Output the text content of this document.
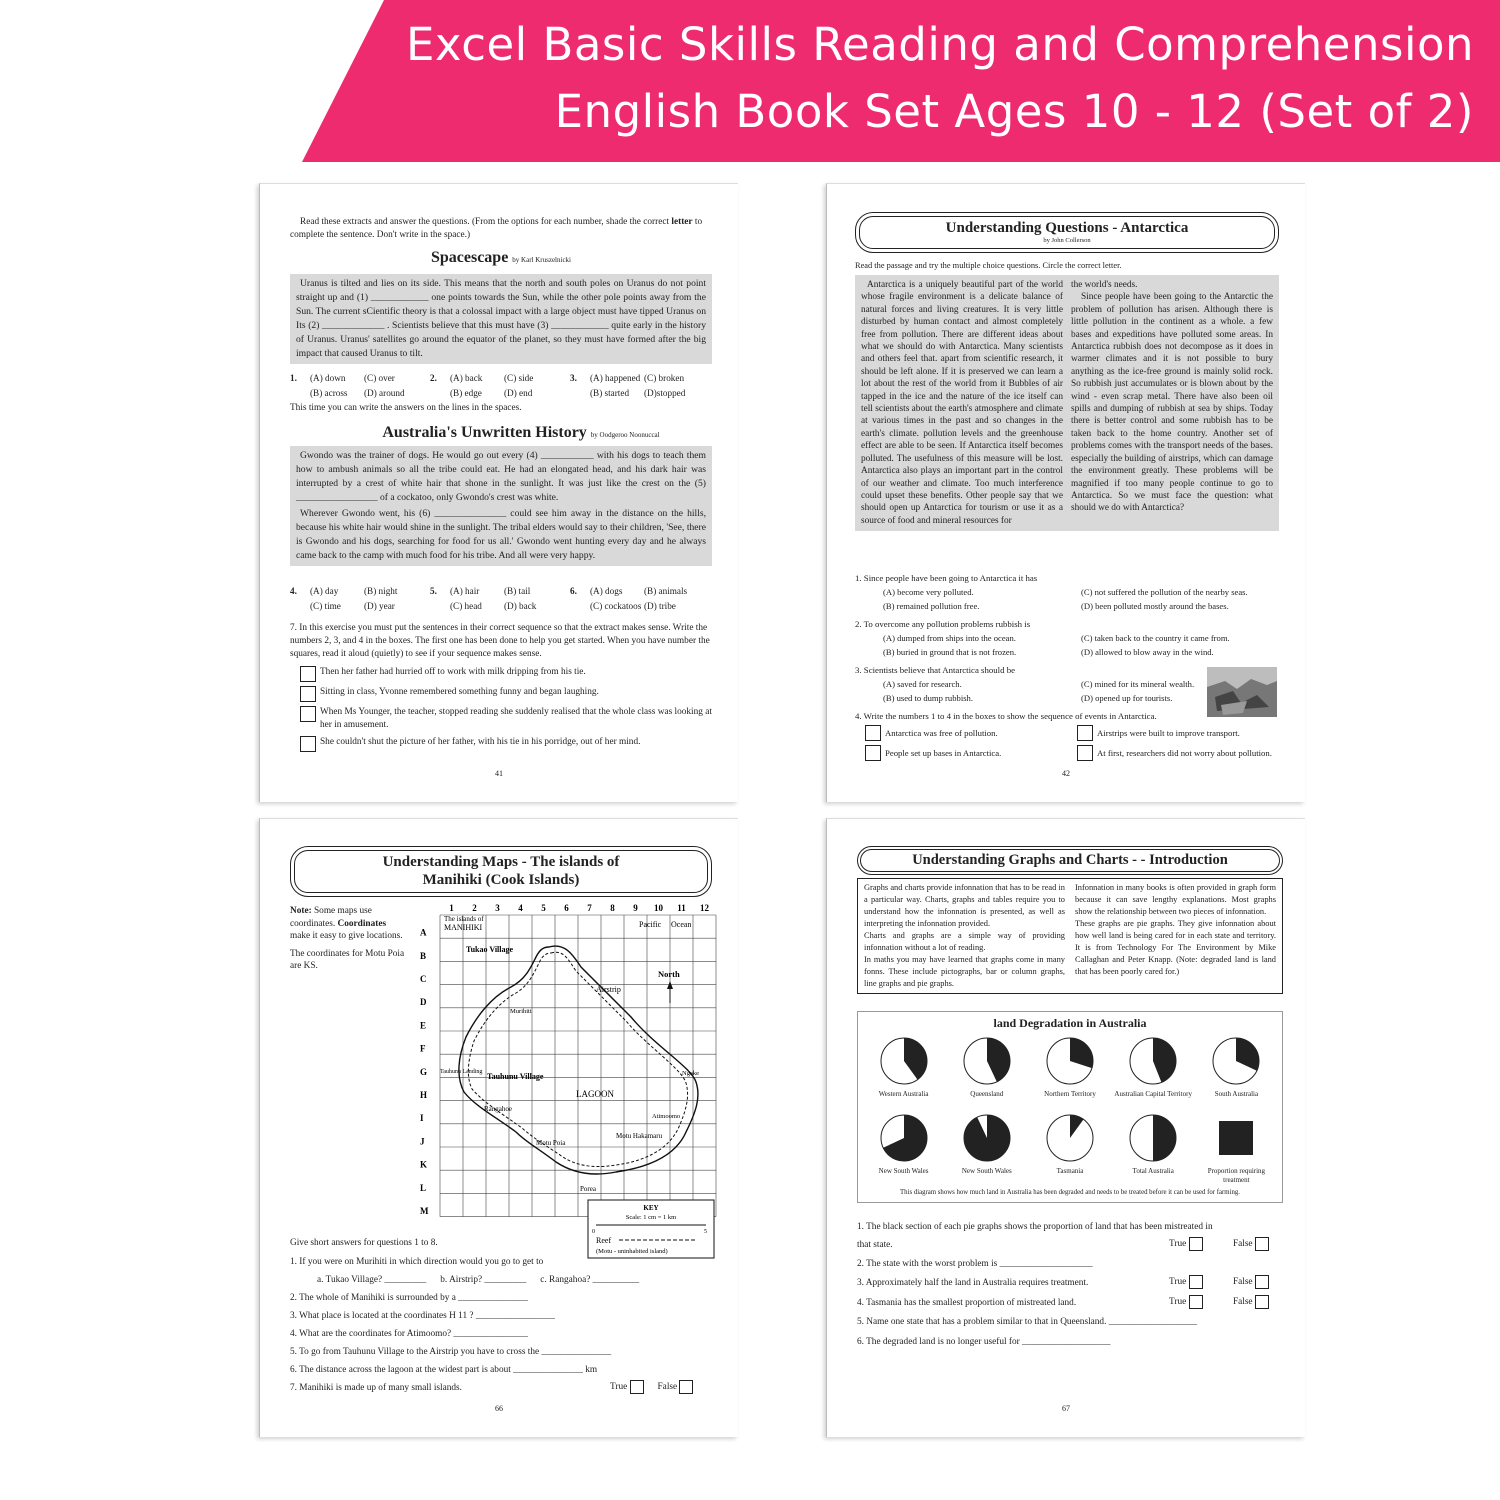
Excel Basic Skills Reading and Comprehension
English Book Set Ages 10 - 12 (Set of 2)
Read these extracts and answer the questions. (From the options for each number, shade the correct letter to complete the sentence. Don't write in the space.)
Spacescape by Karl Kruszelnicki

Uranus is tilted and lies on its side. This means that the north and south poles on Uranus do not point straight up and (1) ____________ one points towards the Sun, while the other pole points away from the Sun. The current sCientific theory is that a colossal impact with a large object must have tipped Uranus on Its (2) _____________ . Scientists believe that this must have (3) ____________ quite early in the history of Uranus. Uranus' satellites go around the equator of the planet, so they must have formed after the big impact that caused Uranus to tilt.

1.	(A) down	(C) over	2.	(A) back	(C) side	3.	(A) happened (C) broken
(B) across	(D) around	(B) edge	(D) end	(B) started	(D)stopped
This time you can write the answers on the lines in the spaces.
Australia's Unwritten History by Oodgeroo Noonuccal

Gwondo was the trainer of dogs. He would go out every (4) ___________ with his dogs to teach them how to ambush animals so all the tribe could eat. He had an elongated head, and his dark hair was interrupted by a crest of white hair that shone in the sunlight. It was just like the crest on the (5) _________________ of a cockatoo, only Gwondo's crest was white.

Wherever Gwondo went, his (6) _______________ could see him away in the distance on the hills, because his white hair would shine in the sunlight. The tribal elders would say to their children, 'See, there is Gwondo and his dogs, searching for food for us all.' Gwondo went hunting every day and he always came back to the camp with much food for his tribe. And all were very happy.

4.	(A) day	(B) night	5.	(A) hair	(B) tail	6.	(A) dogs	(B) animals
(C) time	(D) year	(C) head	(D) back	(C) cockatoos (D) tribe
7. In this exercise you must put the sentences in their correct sequence so that the extract makes sense. Write the numbers 2, 3, and 4 in the boxes. The first one has been done to help you get started. When you have number the squares, read it aloud (quietly) to see if your sequence makes sense.
Then her father had hurried off to work with milk dripping from his tie.
Sitting in class, Yvonne remembered something funny and began laughing.
When Ms Younger, the teacher, stopped reading she suddenly realised that the whole class was looking at her in amusement.
She couldn't shut the picture of her father, with his tie in his porridge, out of her mind.
41
Understanding Questions - Antarctica
by John Collerson
Read the passage and try the multiple choice questions. Circle the correct letter.
Antarctica is a uniquely beautiful part of the world whose fragile environment is a delicate balance of natural forces and living creatures. It is very little disturbed by human contact and almost completely free from pollution. There are different ideas about what we should do with Antarctica. Many scientists and others feel that. apart from scientific research, it should be left alone. If it is preserved we can learn a lot about the rest of the world from it Bubbles of air tapped in the ice and the nature of the ice itself can tell scientists about the earth's atmosphere and climate at various times in the past and so changes in the earth's climate. pollution levels and the greenhouse effect are able to be seen. If Antarctica itself becomes polluted. The usefulness of this measure will be lost. Antarctica also plays an important part in the control of our weather and climate. Too much interference could upset these benefits. Other people say that we should open up Antarctica for tourism or use it as a source of food and mineral resources for
the world's needs.
Since people have been going to the Antarctic the problem of pollution has arisen. Although there is little pollution in the continent as a whole. a few bases and expeditions have polluted some areas. In Antarctica rubbish does not decompose as it does in warmer climates and it is not possible to bury anything as the ice-free ground is mainly solid rock. So rubbish just accumulates or is blown about by the wind - even scrap metal. There have also been oil spills and dumping of rubbish at sea by ships. Today there is better control and some rubbish has to be taken back to the home country. Another set of problems comes with the transport needs of the bases. especially the building of airstrips, which can damage the environment greatly. These problems will be magnified if too many people continue to go to Antarctica. So we must face the question: what should we do with Antarctica?
1. Since people have been going to Antarctica it has
(A) become very polluted.	(C) not suffered the pollution of the nearby seas.
(B) remained pollution free.	(D) been polluted mostly around the bases.
2. To overcome any pollution problems rubbish is
(A) dumped from ships into the ocean.	(C) taken back to the country it came from.
(B) buried in ground that is not frozen.	(D) allowed to blow away in the wind.
3. Scientists believe that Antarctica should be
(A) saved for research.	(C) mined for its mineral wealth.
(B) used to dump rubbish.	(D) opened up for tourists.
4. Write the numbers 1 to 4 in the boxes to show the sequence of events in Antarctica.
Antarctica was free of pollution.	Airstrips were built to improve transport.
People set up bases in Antarctica.	At first, researchers did not worry about pollution.
42
Understanding Maps - The islands of
Manihiki (Cook Islands)
Note: Some maps use coordinates. Coordinates make it easy to give locations.
The coordinates for Motu Poia are KS.
1 2 3 4 5 6 7 8 9 10 11 12
A
B
C
D
E
F
G
H
I
J
K
L
M
The islands of
MANIHIKI	Pacific Ocean
Tukao Village
Airstrip
North
Murihiti
Tauhunu Landing Tauhunu Village	Ngake
LAGOON
Rangahoe
Atimoomo
Motu Poia
Motu Hakamaru
Porea
KEY
Scale: 1 cm = 1 km
0	5
Reef
(Motu - uninhabited island)
Give short answers for questions 1 to 8.
1. If you were on Murihiti in which direction would you go to get to
a. Tukao Village? _________ b. Airstrip? _________ c. Rangahoa? __________
2. The whole of Manihiki is surrounded by a _______________
3. What place is located at the coordinates H 11 ? _________________
4. What are the coordinates for Atimoomo? ________________
5. To go from Tauhunu Village to the Airstrip you have to cross the _______________
6. The distance across the lagoon at the widest part is about _______________ km
7. Manihiki is made up of many small islands.	True	False
66
Understanding Graphs and Charts - - Introduction
Graphs and charts provide infonnation that has to be read in a particular way. Charts, graphs and tables require you to understand how the infonnation is presented, as well as interpreting the infonnation provided.
Charts and graphs are a simple way of providing infonnation without a lot of reading.
In maths you may have learned that graphs come in many fonns. These include pictographs, bar or column graphs, line graphs and pie graphs.
Infonnation in many books is often provided in graph form because it can save lengthy explanations. Most graphs show the relationship between two pieces of infonnation.
These graphs are pie graphs. They give infonnation about how well land is being cared for in each state and territory. It is from Technology For The Environment by Mike Callaghan and Peter Knapp. (Note: degraded land is land that has been poorly cared for.)
land Degradation in Australia
Western Australia	Queensland	Northern Territory	Australian Capital Territory	South Australia
New South Wales	New South Wales	Tasmania	Total Australia	Proportion requiring treatment
This diagram shows how much land in Australia has been degraded and needs to be treated before it can be used for farming.
1. The black section of each pie graphs shows the proportion of land that has been mistreated in
that state.	True	False
2. The state with the worst problem is ____________________
3. Approximately half the land in Australia requires treatment.	True	False
4. Tasmania has the smallest proportion of mistreated land.	True	False
5. Name one state that has a problem similar to that in Queensland. ___________________
6. The degraded land is no longer useful for ___________________
67
